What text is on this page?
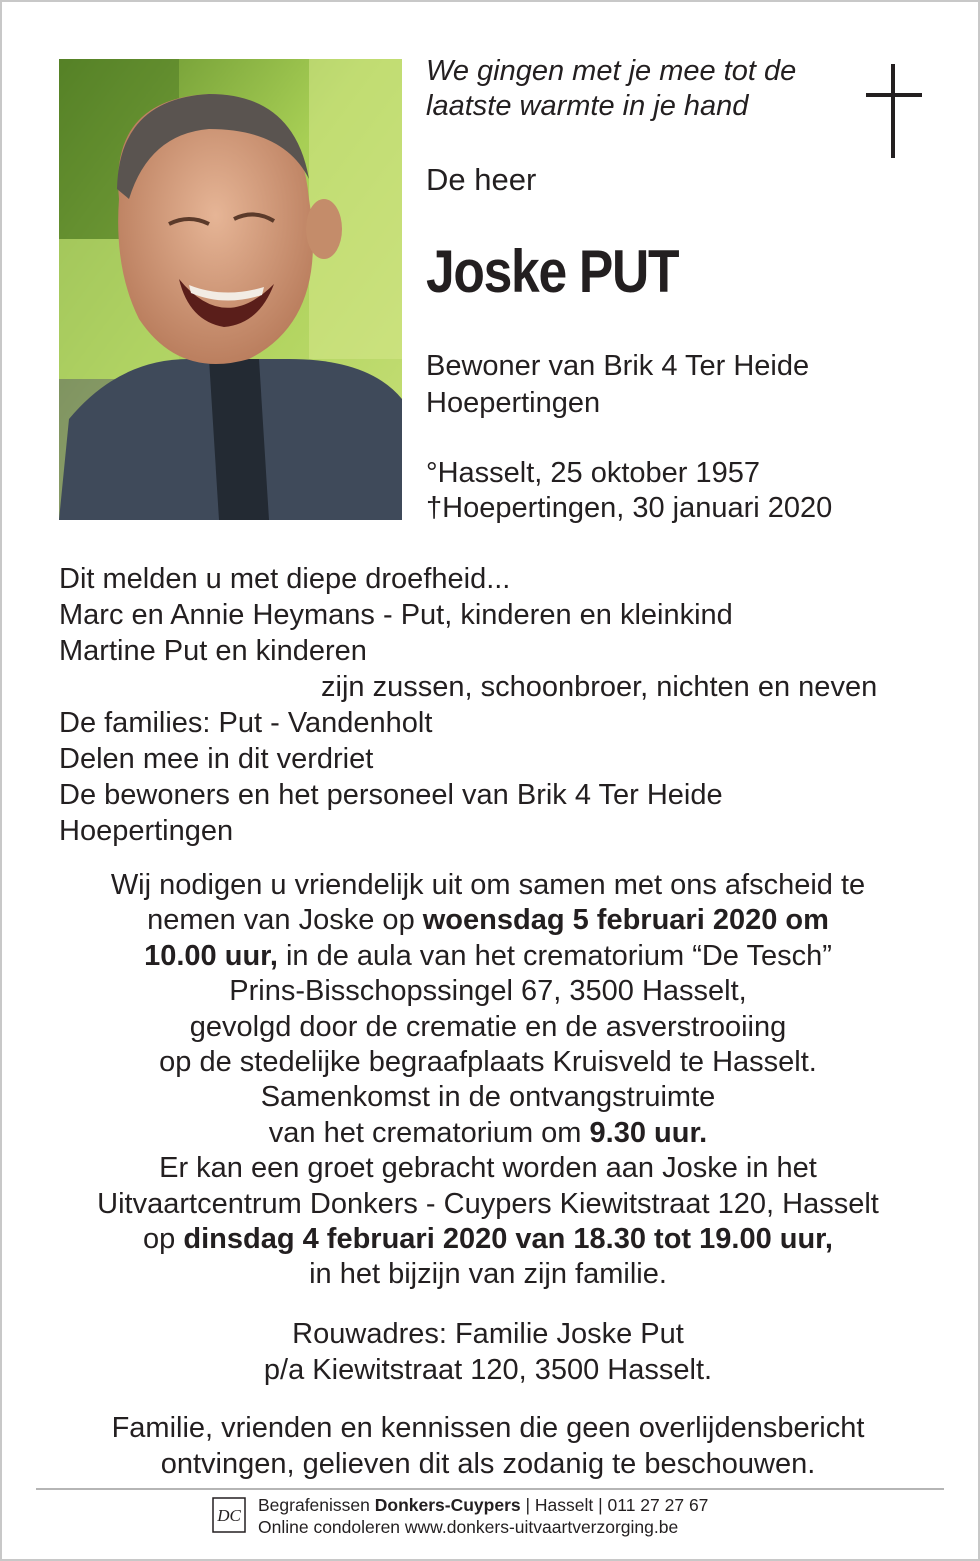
We gingen met je mee tot de
laatste warmte in je hand
De heer
Joske PUT
Bewoner van Brik 4 Ter Heide
Hoepertingen
°Hasselt, 25 oktober 1957
†Hoepertingen, 30 januari 2020
Dit melden u met diepe droefheid...
Marc en Annie Heymans - Put, kinderen en kleinkind
Martine Put en kinderen
zijn zussen, schoonbroer, nichten en neven
De families: Put - Vandenholt
Delen mee in dit verdriet
De bewoners en het personeel van Brik 4 Ter Heide
Hoepertingen
Wij nodigen u vriendelijk uit om samen met ons afscheid te
nemen van Joske op woensdag 5 februari 2020 om
10.00 uur, in de aula van het crematorium “De Tesch”
Prins-Bisschopssingel 67, 3500 Hasselt,
gevolgd door de crematie en de asverstrooiing
op de stedelijke begraafplaats Kruisveld te Hasselt.
Samenkomst in de ontvangstruimte
van het crematorium om 9.30 uur.
Er kan een groet gebracht worden aan Joske in het
Uitvaartcentrum Donkers - Cuypers Kiewitstraat 120, Hasselt
op dinsdag 4 februari 2020 van 18.30 tot 19.00 uur,
in het bijzijn van zijn familie.
Rouwadres: Familie Joske Put
p/a Kiewitstraat 120, 3500 Hasselt.
Familie, vrienden en kennissen die geen overlijdensbericht
ontvingen, gelieven dit als zodanig te beschouwen.
DC
Begrafenissen Donkers-Cuypers | Hasselt | 011 27 27 67
Online condoleren www.donkers-uitvaartverzorging.be
